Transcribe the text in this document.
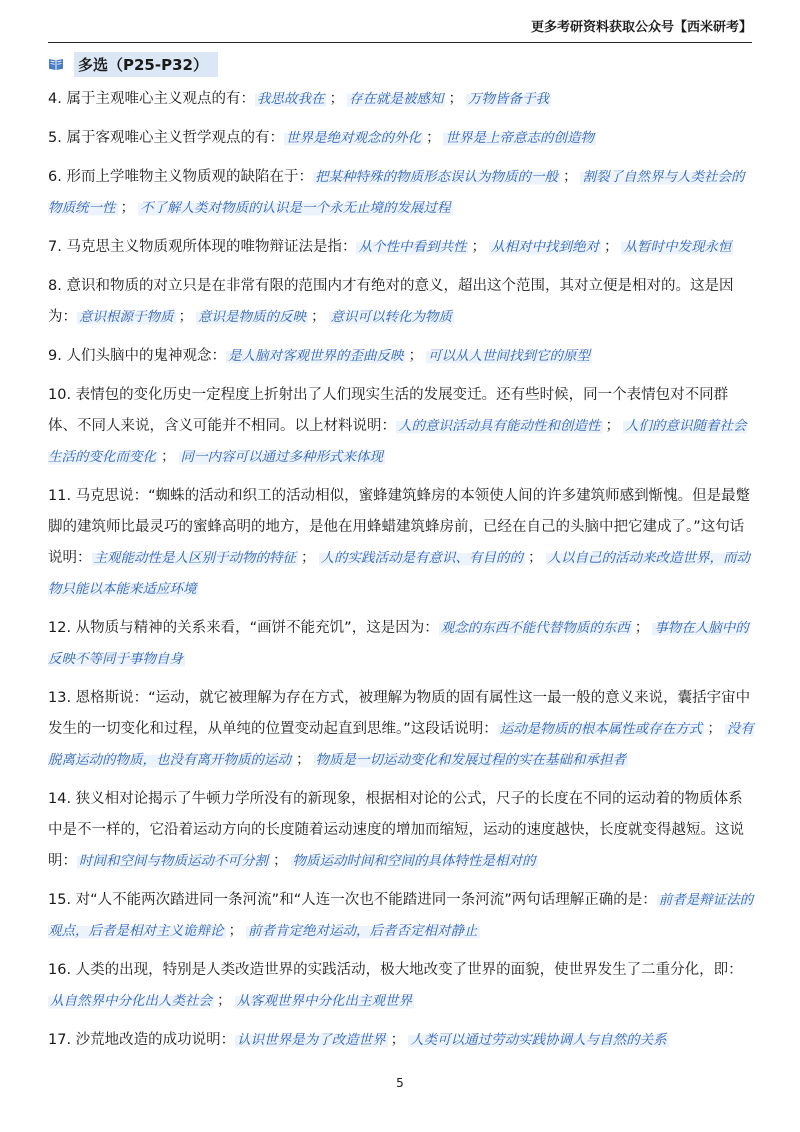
更多考研资料获取公众号【西米研考】
多选（P25-P32）

4. 属于主观唯心主义观点的有： 我思故我在 ； 存在就是被感知 ； 万物皆备于我

5. 属于客观唯心主义哲学观点的有： 世界是绝对观念的外化 ； 世界是上帝意志的创造物

6. 形而上学唯物主义物质观的缺陷在于： 把某种特殊的物质形态误认为物质的一般 ； 割裂了自然界与人类社会的物质统一性 ； 不了解人类对物质的认识是一个永无止境的发展过程

7. 马克思主义物质观所体现的唯物辩证法是指： 从个性中看到共性 ； 从相对中找到绝对 ； 从暂时中发现永恒

8. 意识和物质的对立只是在非常有限的范围内才有绝对的意义，超出这个范围，其对立便是相对的。这是因为： 意识根源于物质 ； 意识是物质的反映 ； 意识可以转化为物质

9. 人们头脑中的鬼神观念： 是人脑对客观世界的歪曲反映 ； 可以从人世间找到它的原型

10. 表情包的变化历史一定程度上折射出了人们现实生活的发展变迁。还有些时候，同一个表情包对不同群体、不同人来说，含义可能并不相同。以上材料说明： 人的意识活动具有能动性和创造性 ； 人们的意识随着社会生活的变化而变化 ； 同一内容可以通过多种形式来体现

11. 马克思说：“蜘蛛的活动和织工的活动相似，蜜蜂建筑蜂房的本领使人间的许多建筑师感到惭愧。但是最蹩脚的建筑师比最灵巧的蜜蜂高明的地方，是他在用蜂蜡建筑蜂房前，已经在自己的头脑中把它建成了。”这句话说明： 主观能动性是人区别于动物的特征 ； 人的实践活动是有意识、有目的的 ； 人以自己的活动来改造世界，而动物只能以本能来适应环境

12. 从物质与精神的关系来看，“画饼不能充饥”，这是因为： 观念的东西不能代替物质的东西 ； 事物在人脑中的反映不等同于事物自身

13. 恩格斯说：“运动，就它被理解为存在方式，被理解为物质的固有属性这一最一般的意义来说，囊括宇宙中发生的一切变化和过程，从单纯的位置变动起直到思维。”这段话说明： 运动是物质的根本属性或存在方式 ； 没有脱离运动的物质，也没有离开物质的运动 ； 物质是一切运动变化和发展过程的实在基础和承担者

14. 狭义相对论揭示了牛顿力学所没有的新现象，根据相对论的公式，尺子的长度在不同的运动着的物质体系中是不一样的，它沿着运动方向的长度随着运动速度的增加而缩短，运动的速度越快，长度就变得越短。这说明： 时间和空间与物质运动不可分割 ； 物质运动时间和空间的具体特性是相对的

15. 对“人不能两次踏进同一条河流”和“人连一次也不能踏进同一条河流”两句话理解正确的是： 前者是辩证法的观点，后者是相对主义诡辩论 ； 前者肯定绝对运动，后者否定相对静止

16. 人类的出现，特别是人类改造世界的实践活动，极大地改变了世界的面貌，使世界发生了二重分化，即：从自然界中分化出人类社会 ； 从客观世界中分化出主观世界

17. 沙荒地改造的成功说明： 认识世界是为了改造世界 ； 人类可以通过劳动实践协调人与自然的关系

5
